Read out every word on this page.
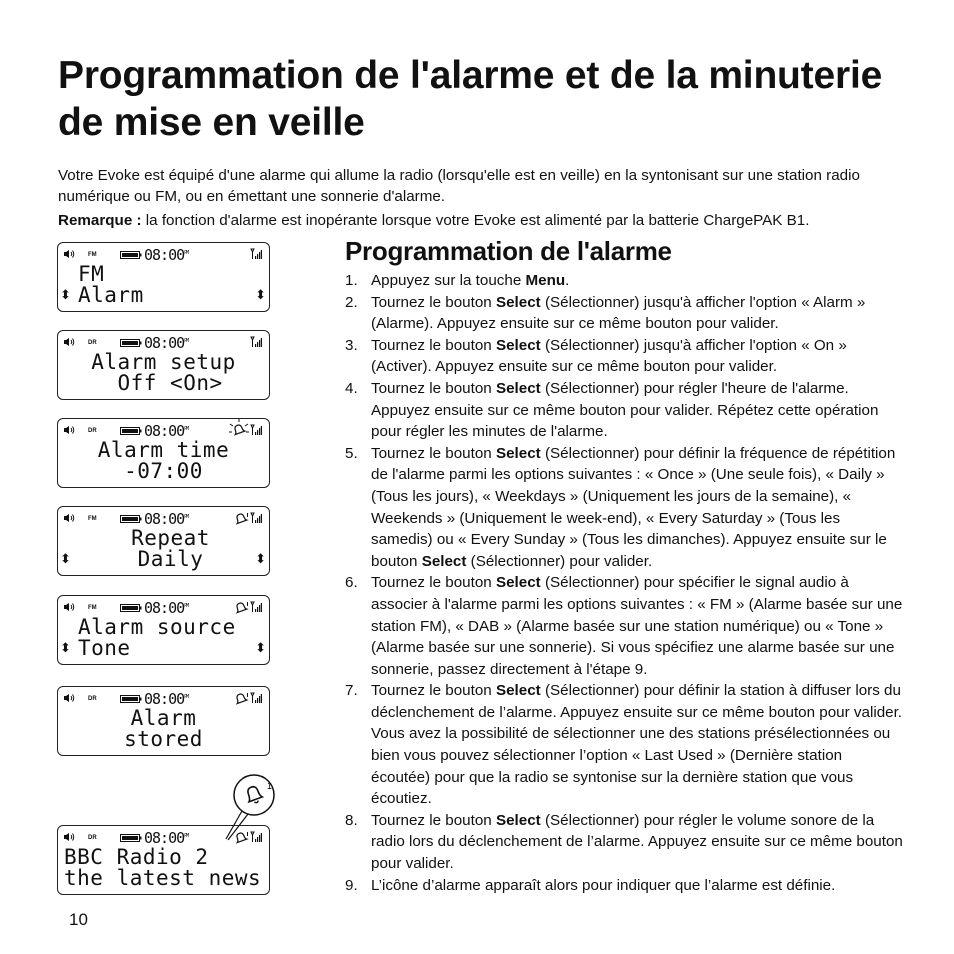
Programmation de l'alarme et de la minuterie de mise en veille

Votre Evoke est équipé d'une alarme qui allume la radio (lorsqu'elle est en veille) en la syntonisant sur une station radio numérique ou FM, ou en émettant une sonnerie d'alarme.

Remarque : la fonction d'alarme est inopérante lorsque votre Evoke est alimenté par la batterie ChargePAK B1.

FM	$08:00^{PM}$
FM
Alarm
⬍	⬍
DR	$08:00^{PM}$
Alarm setup
Off <On>
DR	$08:00^{PM}$
Alarm time
-07:00
FM	$08:00^{PM}$
Repeat
Daily
⬍	⬍
FM	$08:00^{PM}$
Alarm source
Tone
⬍	⬍
DR	$08:00^{PM}$
Alarm
stored
DR	$08:00^{PM}$
BBC Radio 2
the latest news
1
Programmation de l'alarme
1. Appuyez sur la touche Menu.
2. Tournez le bouton Select (Sélectionner) jusqu'à afficher l'option « Alarm » (Alarme). Appuyez ensuite sur ce même bouton pour valider.
3. Tournez le bouton Select (Sélectionner) jusqu'à afficher l'option « On » (Activer). Appuyez ensuite sur ce même bouton pour valider.
4. Tournez le bouton Select (Sélectionner) pour régler l'heure de l'alarme. Appuyez ensuite sur ce même bouton pour valider. Répétez cette opération pour régler les minutes de l'alarme.
5. Tournez le bouton Select (Sélectionner) pour définir la fréquence de répétition de l'alarme parmi les options suivantes : « Once » (Une seule fois), « Daily » (Tous les jours), « Weekdays » (Uniquement les jours de la semaine), « Weekends » (Uniquement le week-end), « Every Saturday » (Tous les samedis) ou « Every Sunday » (Tous les dimanches). Appuyez ensuite sur le bouton Select (Sélectionner) pour valider.
6. Tournez le bouton Select (Sélectionner) pour spécifier le signal audio à associer à l'alarme parmi les options suivantes : « FM » (Alarme basée sur une station FM), « DAB » (Alarme basée sur une station numérique) ou « Tone » (Alarme basée sur une sonnerie). Si vous spécifiez une alarme basée sur une sonnerie, passez directement à l'étape 9.
7. Tournez le bouton Select (Sélectionner) pour définir la station à diffuser lors du déclenchement de l’alarme. Appuyez ensuite sur ce même bouton pour valider. Vous avez la possibilité de sélectionner une des stations présélectionnées ou bien vous pouvez sélectionner l’option « Last Used » (Dernière station écoutée) pour que la radio se syntonise sur la dernière station que vous écoutiez.
8. Tournez le bouton Select (Sélectionner) pour régler le volume sonore de la radio lors du déclenchement de l’alarme. Appuyez ensuite sur ce même bouton pour valider.
9. L’icône d’alarme apparaît alors pour indiquer que l’alarme est définie.
10
